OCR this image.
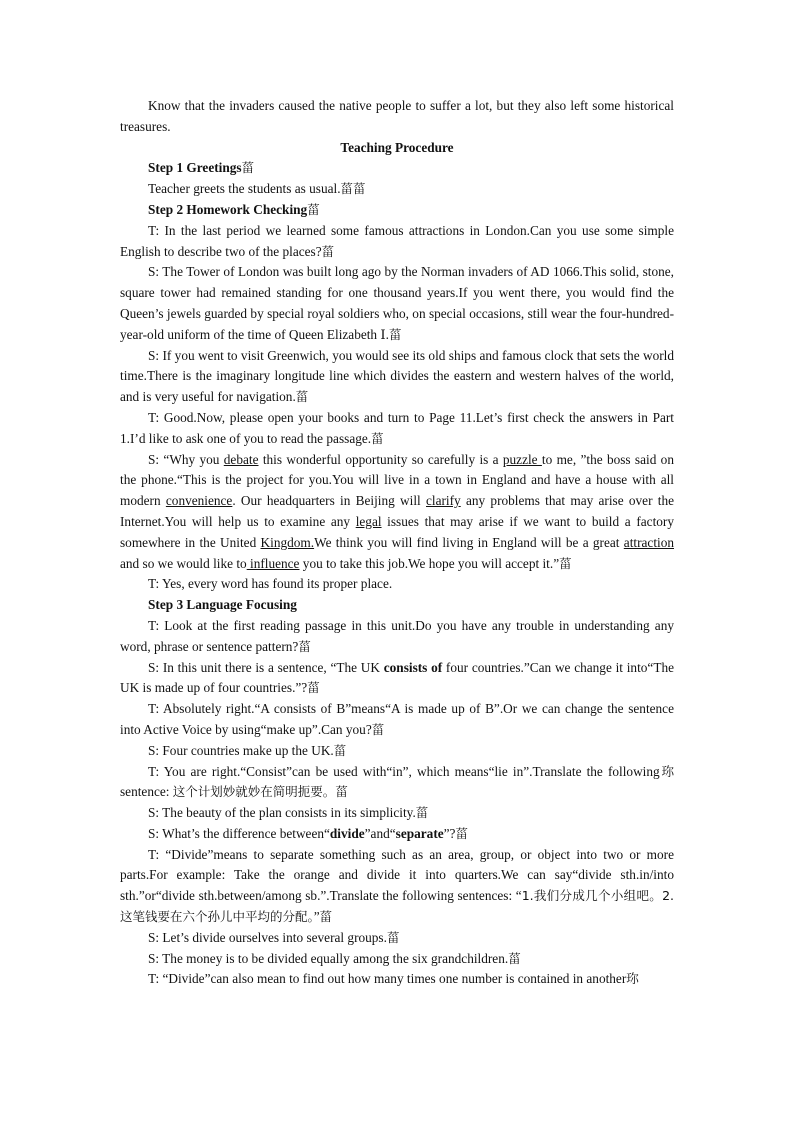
Know that the invaders caused the native people to suffer a lot, but they also left some historical treasures.

Teaching Procedure

Step 1 Greetings菑

Teacher greets the students as usual.菑菑

Step 2 Homework Checking菑

T: In the last period we learned some famous attractions in London.Can you use some simple English to describe two of the places?菑

S: The Tower of London was built long ago by the Norman invaders of AD 1066.This solid, stone, square tower had remained standing for one thousand years.If you went there, you would find the Queen’s jewels guarded by special royal soldiers who, on special occasions, still wear the four-hundred-year-old uniform of the time of Queen Elizabeth Ⅰ.菑

S: If you went to visit Greenwich, you would see its old ships and famous clock that sets the world time.There is the imaginary longitude line which divides the eastern and western halves of the world, and is very useful for navigation.菑

T: Good.Now, please open your books and turn to Page 11.Let’s first check the answers in Part 1.I’d like to ask one of you to read the passage.菑

S: “Why you debate this wonderful opportunity so carefully is a puzzle to me, ”the boss said on the phone.“This is the project for you.You will live in a town in England and have a house with all modern convenience. Our headquarters in Beijing will clarify any problems that may arise over the Internet.You will help us to examine any legal issues that may arise if we want to build a factory somewhere in the United Kingdom.We think you will find living in England will be a great attraction and so we would like to influence you to take this job.We hope you will accept it.”菑

T: Yes, every word has found its proper place.

Step 3 Language Focusing

T: Look at the first reading passage in this unit.Do you have any trouble in understanding any word, phrase or sentence pattern?菑

S: In this unit there is a sentence, “The UK consists of four countries.”Can we change it into“The UK is made up of four countries.”?菑

T: Absolutely right.“A consists of B”means“A is made up of B”.Or we can change the sentence into Active Voice by using“make up”.Can you?菑

S: Four countries make up the UK.菑

T: You are right.“Consist”can be used with“in”, which means“lie in”.Translate the following珎sentence: 这个计划妙就妙在简明扼要。菑

S: The beauty of the plan consists in its simplicity.菑

S: What’s the difference between“divide”and“separate”?菑

T: “Divide”means to separate something such as an area, group, or object into two or more parts.For example: Take the orange and divide it into quarters.We can say“divide sth.in/into sth.”or“divide sth.between/among sb.”.Translate the following sentences: “1.我们分成几个小组吧。2.这笔钱要在六个孙儿中平均的分配。”菑

S: Let’s divide ourselves into several groups.菑

S: The money is to be divided equally among the six grandchildren.菑

T: “Divide”can also mean to find out how many times one number is contained in another珎
